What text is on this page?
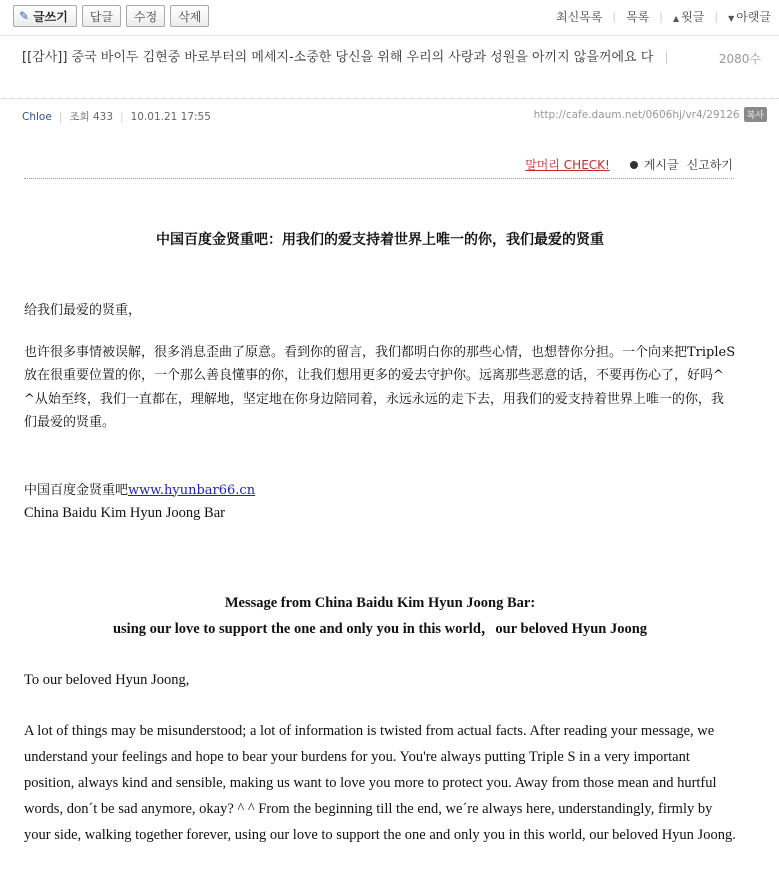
✎ 글쓰기	답글	수정	삭제	최신목록 | 목록 | ▲ 윗글 | ▼ 아랫글
[[감사]] 중국 바이두 김현중 바로부터의 메세지-소중한 당신을 위해 우리의 사랑과 성원을 아끼지 않을꺼에요 다	2080수
Chloe | 조회 433 | 10.01.21 17:55	http://cafe.daum.net/0606hj/vr4/29126 복사
말머리 CHECK!	게시글 신고하기

中国百度金贤重吧：用我们的爱支持着世界上唯一的你，我们最爱的贤重

给我们最爱的贤重，

也许很多事情被误解，很多消息歪曲了原意。看到你的留言，我们都明白你的那些心情，也想替你分担。一个向来把TripleS放在很重要位置的你，一个那么善良懂事的你，让我们想用更多的爱去守护你。远离那些恶意的话，不要再伤心了，好吗^ ^从始至终，我们一直都在，理解地，坚定地在你身边陪同着，永远永远的走下去，用我们的爱支持着世界上唯一的你，我们最爱的贤重。

中国百度金贤重吧www.hyunbar66.cn

China Baidu Kim Hyun Joong Bar

Message from China Baidu Kim Hyun Joong Bar:

using our love to support the one and only you in this world，our beloved Hyun Joong

To our beloved Hyun Joong,

A lot of things may be misunderstood; a lot of information is twisted from actual facts. After reading your message, we understand your feelings and hope to bear your burdens for you. You're always putting Triple S in a very important position, always kind and sensible, making us want to love you more to protect you. Away from those mean and hurtful words, don´t be sad anymore, okay? ^ ^ From the beginning till the end, we´re always here, understandingly, firmly by your side, walking together forever, using our love to support the one and only you in this world, our beloved Hyun Joong.
